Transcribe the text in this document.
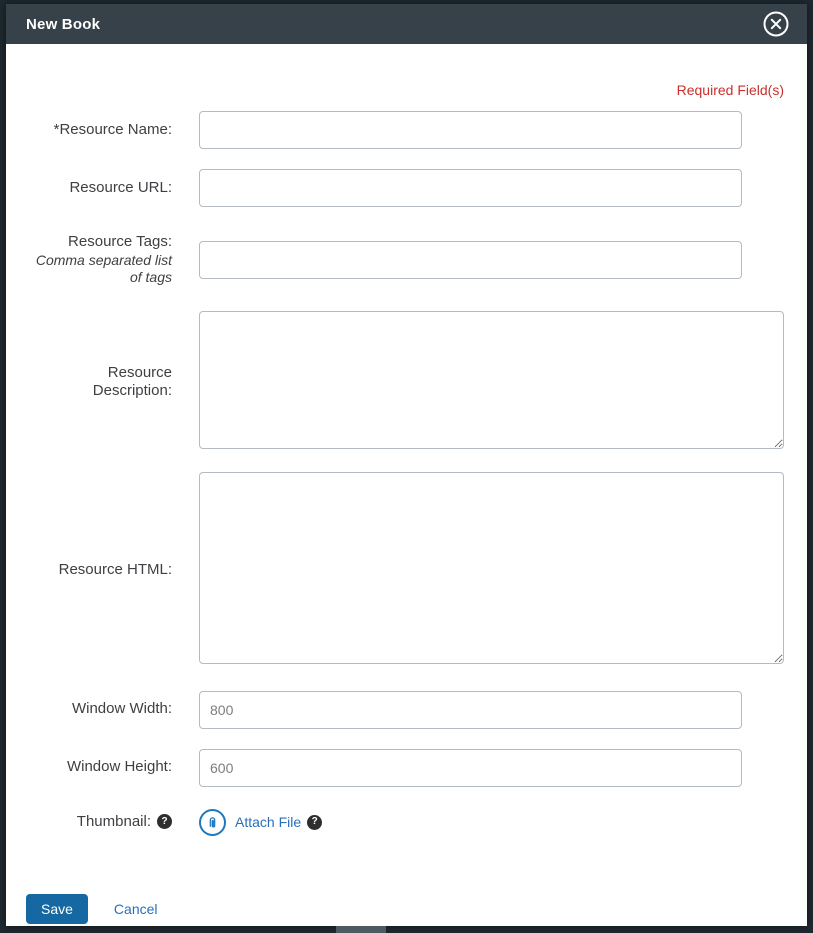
New Book
Required Field(s)
*Resource Name:
Resource URL:
Resource Tags:
Comma separated list of tags
Resource Description:
Resource HTML:
Window Width:
800
Window Height:
600
Thumbnail: ?	Attach File	?
Save	Cancel
